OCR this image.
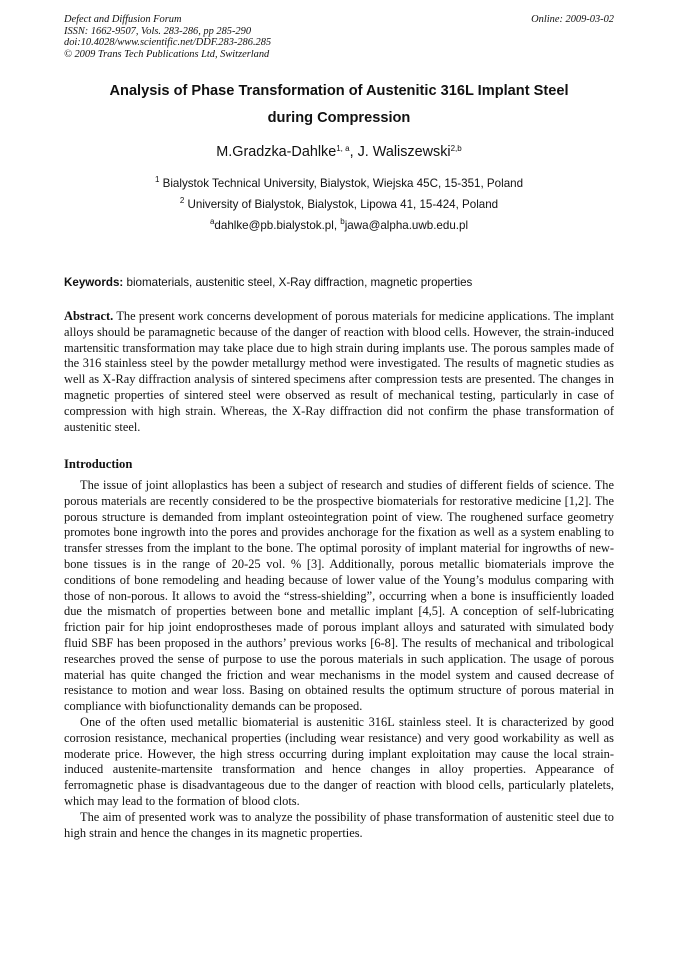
Defect and Diffusion Forum
ISSN: 1662-9507, Vols. 283-286, pp 285-290
doi:10.4028/www.scientific.net/DDF.283-286.285
© 2009 Trans Tech Publications Ltd, Switzerland
Online: 2009-03-02
Analysis of Phase Transformation of Austenitic 316L Implant Steel
during Compression
M.Gradzka-Dahlke$^{1, a}$, J. Waliszewski$^{2,b}$
$^1$ Bialystok Technical University, Bialystok, Wiejska 45C, 15-351, Poland
$^2$ University of Bialystok, Bialystok, Lipowa 41, 15-424, Poland
$^a$dahlke@pb.bialystok.pl, $^b$jawa@alpha.uwb.edu.pl
Keywords: biomaterials, austenitic steel, X-Ray diffraction, magnetic properties
Abstract. The present work concerns development of porous materials for medicine applications. The implant alloys should be paramagnetic because of the danger of reaction with blood cells. However, the strain-induced martensitic transformation may take place due to high strain during implants use. The porous samples made of the 316 stainless steel by the powder metallurgy method were investigated. The results of magnetic studies as well as X-Ray diffraction analysis of sintered specimens after compression tests are presented. The changes in magnetic properties of sintered steel were observed as result of mechanical testing, particularly in case of compression with high strain. Whereas, the X-Ray diffraction did not confirm the phase transformation of austenitic steel.
Introduction

The issue of joint alloplastics has been a subject of research and studies of different fields of science. The porous materials are recently considered to be the prospective biomaterials for restorative medicine [1,2]. The porous structure is demanded from implant osteointegration point of view. The roughened surface geometry promotes bone ingrowth into the pores and provides anchorage for the fixation as well as a system enabling to transfer stresses from the implant to the bone. The optimal porosity of implant material for ingrowths of new-bone tissues is in the range of 20-25 vol. % [3]. Additionally, porous metallic biomaterials improve the conditions of bone remodeling and heading because of lower value of the Young’s modulus comparing with those of non-porous. It allows to avoid the “stress-shielding”, occurring when a bone is insufficiently loaded due the mismatch of properties between bone and metallic implant [4,5]. A conception of self-lubricating friction pair for hip joint endoprostheses made of porous implant alloys and saturated with simulated body fluid SBF has been proposed in the authors’ previous works [6-8]. The results of mechanical and tribological researches proved the sense of purpose to use the porous materials in such application. The usage of porous material has quite changed the friction and wear mechanisms in the model system and caused decrease of resistance to motion and wear loss. Basing on obtained results the optimum structure of porous material in compliance with biofunctionality demands can be proposed.

One of the often used metallic biomaterial is austenitic 316L stainless steel. It is characterized by good corrosion resistance, mechanical properties (including wear resistance) and very good workability as well as moderate price. However, the high stress occurring during implant exploitation may cause the local strain-induced austenite-martensite transformation and hence changes in alloy properties. Appearance of ferromagnetic phase is disadvantageous due to the danger of reaction with blood cells, particularly platelets, which may lead to the formation of blood clots.

The aim of presented work was to analyze the possibility of phase transformation of austenitic steel due to high strain and hence the changes in its magnetic properties.
